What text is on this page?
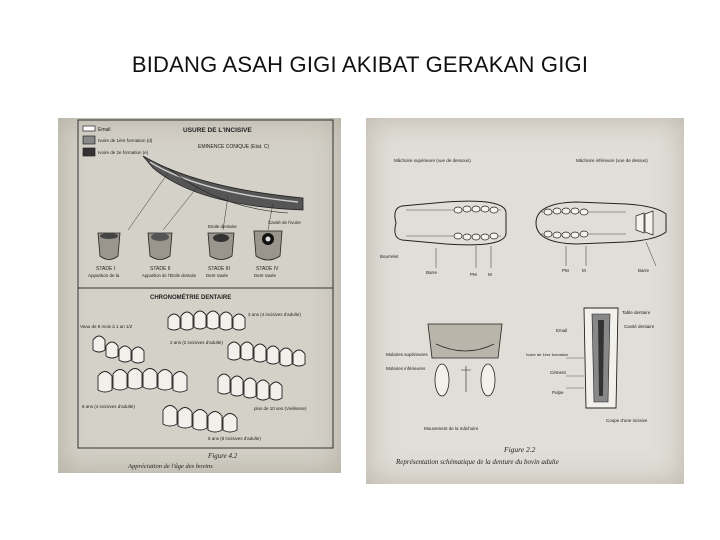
BIDANG ASAH GIGI AKIBAT GERAKAN GIGI
Email
Ivoire de 1ère formation (d)
Ivoire de 2e formation (e)
USURE DE L'INCISIVE
EMINENCE CONIQUE (Etat. C)
Cavité de l'ivoire
Etoile dentaire
STADE I
Apparition de la
STADE II
Apparition de l'Etoile dentaire
STADE III
Dent rasée
STADE IV
Dent rasée
CHRONOMÉTRIE DENTAIRE
3 ans (4 incisives d'adulte)
Veau de 8 mois à 1 an 1/2
2 ans (2 incisives d'adulte)
8 ans (4 incisives d'adulte)	plus de 10 ans (Vieillesse)
5 ans (8 incisives d'adulte)
Figure 4.2
Appréciation de l'âge des bovins
Mâchoire supérieure (vue de dessous)	Mâchoire inférieure (vue de dessus)
Bourrelet
Barre	PM	M
Barre
PM	M
Molaires supérieures
Molaires inférieures
Mouvement de la mâchoire
Email
Ivoire de 1ère formation
Cément
Pulpe
Table dentaire
Cavité dentaire
Coupe d'une incisive
Figure 2.2
Représentation schématique de la denture du bovin adulte
